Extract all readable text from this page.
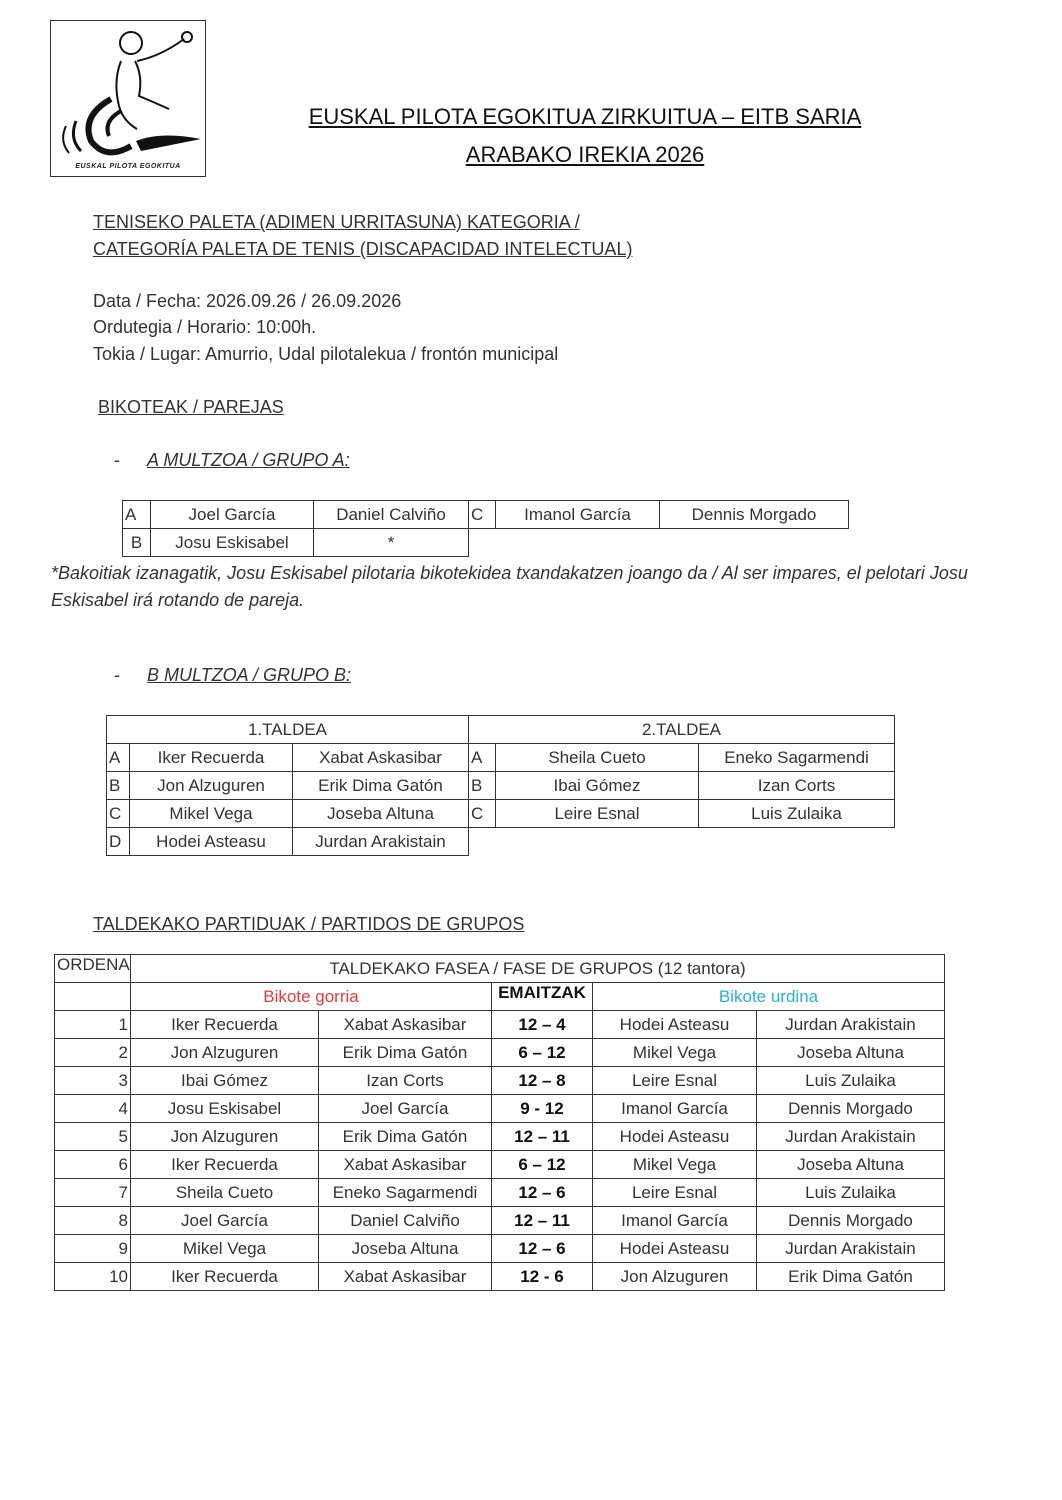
EUSKAL PILOTA EGOKITUA
EUSKAL PILOTA EGOKITUA ZIRKUITUA – EITB SARIA
ARABAKO IREKIA 2026
TENISEKO PALETA (ADIMEN URRITASUNA) KATEGORIA /
CATEGORÍA PALETA DE TENIS (DISCAPACIDAD INTELECTUAL)
Data / Fecha: 2026.09.26 / 26.09.2026
Ordutegia / Horario: 10:00h.
Tokia / Lugar: Amurrio, Udal pilotalekua / frontón municipal
BIKOTEAK / PAREJAS
- A MULTZOA / GRUPO A:
A	Joel García	Daniel Calviño	C	Imanol García	Dennis Morgado
B	Josu Eskisabel	*			
*Bakoitiak izanagatik, Josu Eskisabel pilotaria bikotekidea txandakatzen joango da / Al ser impares, el pelotari Josu Eskisabel irá rotando de pareja.
- B MULTZOA / GRUPO B:
1.TALDEA			2.TALDEA		
A	Iker Recuerda	Xabat Askasibar	A	Sheila Cueto	Eneko Sagarmendi
B	Jon Alzuguren	Erik Dima Gatón	B	Ibai Gómez	Izan Corts
C	Mikel Vega	Joseba Altuna	C	Leire Esnal	Luis Zulaika
D	Hodei Asteasu	Jurdan Arakistain			
TALDEKAKO PARTIDUAK / PARTIDOS DE GRUPOS
ORDENA	TALDEKAKO FASEA / FASE DE GRUPOS (12 tantora)				
	Bikote gorria		EMAITZAK	Bikote urdina	
1	Iker Recuerda	Xabat Askasibar	12 – 4	Hodei Asteasu	Jurdan Arakistain
2	Jon Alzuguren	Erik Dima Gatón	6 – 12	Mikel Vega	Joseba Altuna
3	Ibai Gómez	Izan Corts	12 – 8	Leire Esnal	Luis Zulaika
4	Josu Eskisabel	Joel García	9 - 12	Imanol García	Dennis Morgado
5	Jon Alzuguren	Erik Dima Gatón	12 – 11	Hodei Asteasu	Jurdan Arakistain
6	Iker Recuerda	Xabat Askasibar	6 – 12	Mikel Vega	Joseba Altuna
7	Sheila Cueto	Eneko Sagarmendi	12 – 6	Leire Esnal	Luis Zulaika
8	Joel García	Daniel Calviño	12 – 11	Imanol García	Dennis Morgado
9	Mikel Vega	Joseba Altuna	12 – 6	Hodei Asteasu	Jurdan Arakistain
10	Iker Recuerda	Xabat Askasibar	12 - 6	Jon Alzuguren	Erik Dima Gatón
